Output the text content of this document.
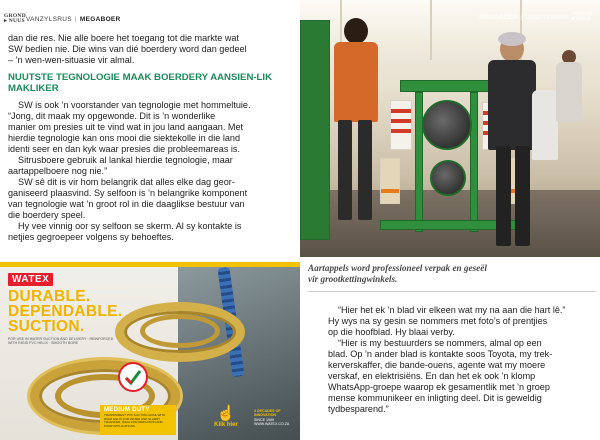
GROND ▸ NUUS VANZYLSRUS | MEGABOER

dan die res. Nie alle boere het toegang tot die markte wat
SW bedien nie. Die wins van dié boerdery word dan gedeel
– ’n wen-wen-situasie vir almal.

NUUTSTE TEGNOLOGIE MAAK BOERDERY AANSIEN-LIK MAKLIKER

SW is ook ’n voorstander van tegnologie met hommeltuie.
“Jong, dit maak my opgewonde. Dit is ’n wonderlike
manier om presies uit te vind wat in jou land aangaan. Met
hierdie tegnologie kan ons mooi die siektekolle in die land
identi seer en dan kyk waar presies die probleemareas is.

Sitrusboere gebruik al lankal hierdie tegnologie, maar
aartappelboere nog nie.”

SW sê dit is vir hom belangrik dat alles elke dag geor-
ganiseerd plaasvind. Sy selfoon is ’n belangrike komponent
van tegnologie wat ’n groot rol in die daaglikse bestuur van
die boerdery speel.

Hy vee vinnig oor sy selfoon se skerm. Al sy kontakte is
netjies gegroepeer volgens sy behoeftes.

WATEX
DURABLE.
DEPENDABLE.
SUCTION.
FOR USE IN WATER SUCTION AND DELIVERY · REINFORCED WITH RIGID PVC HELIX · SMOOTH BORE
MEDIUM DUTY
TRANSPARENT PVC SUCTION HOSE WITH RIGID HELIX FOR WATER AND SLURRY TRANSFER, IDEAL FOR IRRIGATION AND PUMP APPLICATIONS
☝
Klik hier
3 DECADES OF INNOVATION
SINCE 1989
WWW.WATEX.CO.ZA
MEGABOER | VANZYLSRUS GROND ▸ NUUS
Aartappels word professioneel verpak en geseël
vir grootkettingwinkels.

“Hier het ek ’n blad vir elkeen wat my na aan die hart lê.”
Hy wys na sy gesin se nommers met foto’s of prentjies
op die hoofblad. Hy blaai verby.

“Hier is my bestuurders se nommers, almal op een
blad. Op ’n ander blad is kontakte soos Toyota, my trek-
kerverskaffer, die bande-ouens, agente wat my moere
verskaf, en elektrisiëns. En dan het ek ook ’n klomp
WhatsApp-groepe waarop ek gesamentlik met ’n groep
mense kommunikeer en inligting deel. Dit is geweldig
tydbesparend.”
